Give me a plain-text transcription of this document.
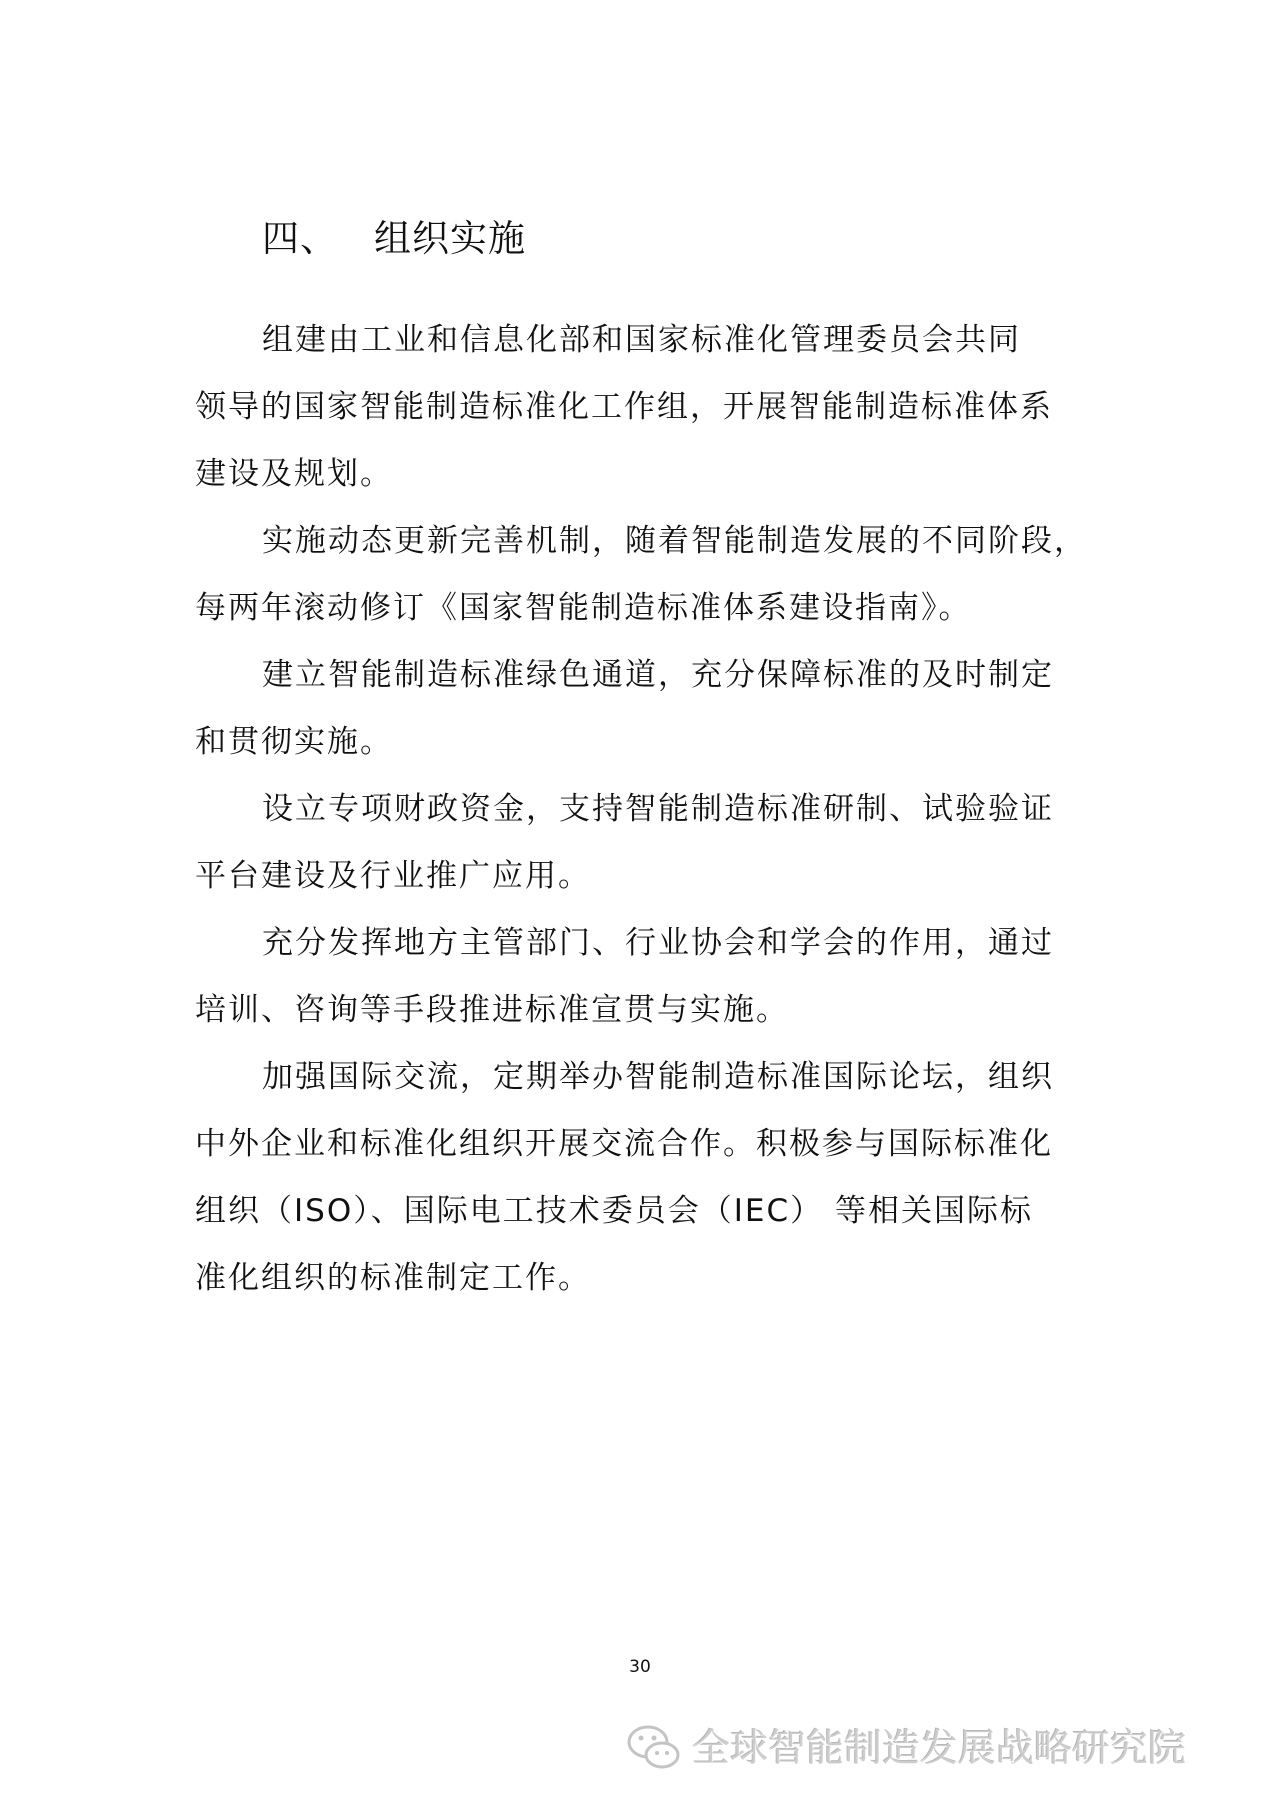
四、 组织实施
组建由工业和信息化部和国家标准化管理委员会共同
领导的国家智能制造标准化工作组，开展智能制造标准体系
建设及规划。
实施动态更新完善机制，随着智能制造发展的不同阶段，
每两年滚动修订《国家智能制造标准体系建设指南》。
建立智能制造标准绿色通道，充分保障标准的及时制定
和贯彻实施。
设立专项财政资金，支持智能制造标准研制、试验验证
平台建设及行业推广应用。
充分发挥地方主管部门、行业协会和学会的作用，通过
培训、咨询等手段推进标准宣贯与实施。
加强国际交流，定期举办智能制造标准国际论坛，组织
中外企业和标准化组织开展交流合作。积极参与国际标准化
组织（ISO）、国际电工技术委员会（IEC） 等相关国际标
准化组织的标准制定工作。
30
全球智能制造发展战略研究院
